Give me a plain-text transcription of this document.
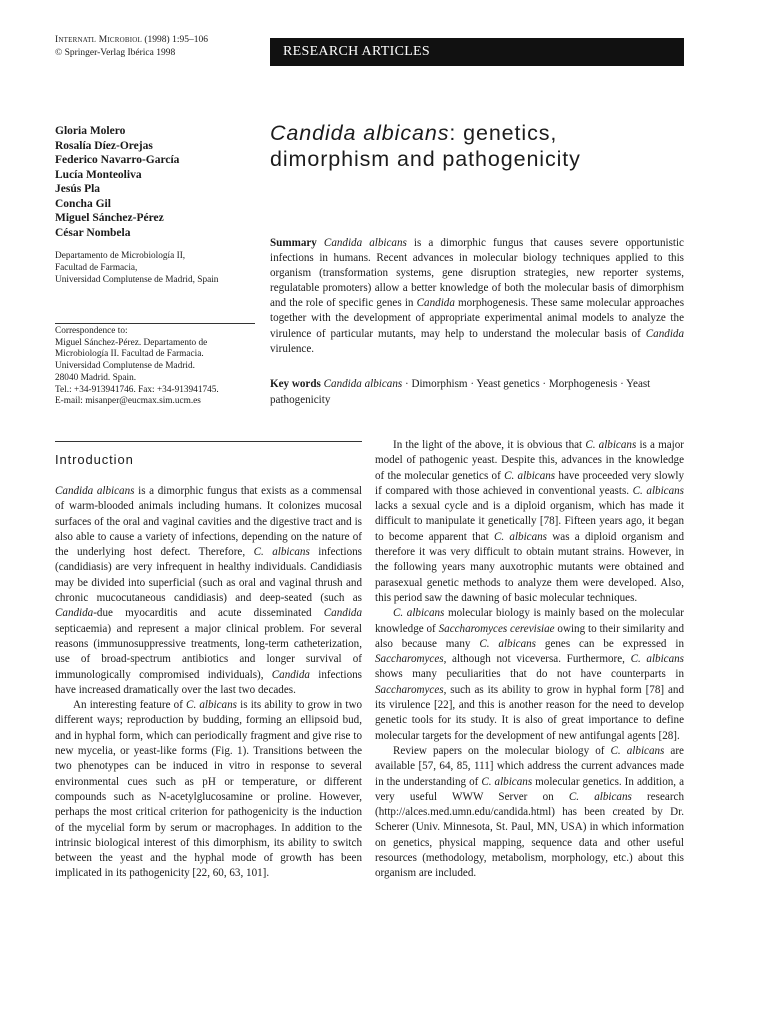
Internatl Microbiol (1998) 1:95–106
© Springer-Verlag Ibérica 1998	RESEARCH ARTICLES
Candida albicans: genetics,
dimorphism and pathogenicity
Gloria Molero
Rosalía Díez-Orejas
Federico Navarro-García
Lucía Monteoliva
Jesús Pla
Concha Gil
Miguel Sánchez-Pérez
César Nombela
Departamento de Microbiología II,
Facultad de Farmacia,
Universidad Complutense de Madrid, Spain
Correspondence to:
Miguel Sánchez-Pérez. Departamento de
Microbiología II. Facultad de Farmacia.
Universidad Complutense de Madrid.
28040 Madrid. Spain.
Tel.: +34-913941746. Fax: +34-913941745.
E-mail: misanper@eucmax.sim.ucm.es
Summary Candida albicans is a dimorphic fungus that causes severe opportunistic infections in humans. Recent advances in molecular biology techniques applied to this organism (transformation systems, gene disruption strategies, new reporter systems, regulatable promoters) allow a better knowledge of both the molecular basis of dimorphism and the role of specific genes in Candida morphogenesis. These same molecular approaches together with the development of appropriate experimental animal models to analyze the virulence of particular mutants, may help to understand the molecular basis of Candida virulence.
Key words Candida albicans · Dimorphism · Yeast genetics · Morphogenesis · Yeast pathogenicity
Introduction

Candida albicans is a dimorphic fungus that exists as a commensal of warm-blooded animals including humans. It colonizes mucosal surfaces of the oral and vaginal cavities and the digestive tract and is also able to cause a variety of infections, depending on the nature of the underlying host defect. Therefore, C. albicans infections (candidiasis) are very infrequent in healthy individuals. Candidiasis may be divided into superficial (such as oral and vaginal thrush and chronic mucocutaneous candidiasis) and deep-seated (such as Candida-due myocarditis and acute disseminated Candida septicaemia) and represent a major clinical problem. For several reasons (immunosuppressive treatments, long-term catheterization, use of broad-spectrum antibiotics and longer survival of immunologically compromised individuals), Candida infections have increased dramatically over the last two decades.

An interesting feature of C. albicans is its ability to grow in two different ways; reproduction by budding, forming an ellipsoid bud, and in hyphal form, which can periodically fragment and give rise to new mycelia, or yeast-like forms (Fig. 1). Transitions between the two phenotypes can be induced in vitro in response to several environmental cues such as pH or temperature, or different compounds such as N-acetylglucosamine or proline. However, perhaps the most critical criterion for pathogenicity is the induction of the mycelial form by serum or macrophages. In addition to the intrinsic biological interest of this dimorphism, its ability to switch between the yeast and the hyphal mode of growth has been implicated in its pathogenicity [22, 60, 63, 101].

In the light of the above, it is obvious that C. albicans is a major model of pathogenic yeast. Despite this, advances in the knowledge of the molecular genetics of C. albicans have proceeded very slowly if compared with those achieved in conventional yeasts. C. albicans lacks a sexual cycle and is a diploid organism, which has made it difficult to manipulate it genetically [78]. Fifteen years ago, it began to become apparent that C. albicans was a diploid organism and therefore it was very difficult to obtain mutant strains. However, in the following years many auxotrophic mutants were obtained and parasexual genetic methods to analyze them were developed. Also, this period saw the dawning of basic molecular techniques.

C. albicans molecular biology is mainly based on the molecular knowledge of Saccharomyces cerevisiae owing to their similarity and also because many C. albicans genes can be expressed in Saccharomyces, although not viceversa. Furthermore, C. albicans shows many peculiarities that do not have counterparts in Saccharomyces, such as its ability to grow in hyphal form [78] and its virulence [22], and this is another reason for the need to develop genetic tools for its study. It is also of great importance to define molecular targets for the development of new antifungal agents [28].

Review papers on the molecular biology of C. albicans are available [57, 64, 85, 111] which address the current advances made in the understanding of C. albicans molecular genetics. In addition, a very useful WWW Server on C. albicans research (http://alces.med.umn.edu/candida.html) has been created by Dr. Scherer (Univ. Minnesota, St. Paul, MN, USA) in which information on genetics, physical mapping, sequence data and other useful resources (methodology, metabolism, morphology, etc.) about this organism are included.
